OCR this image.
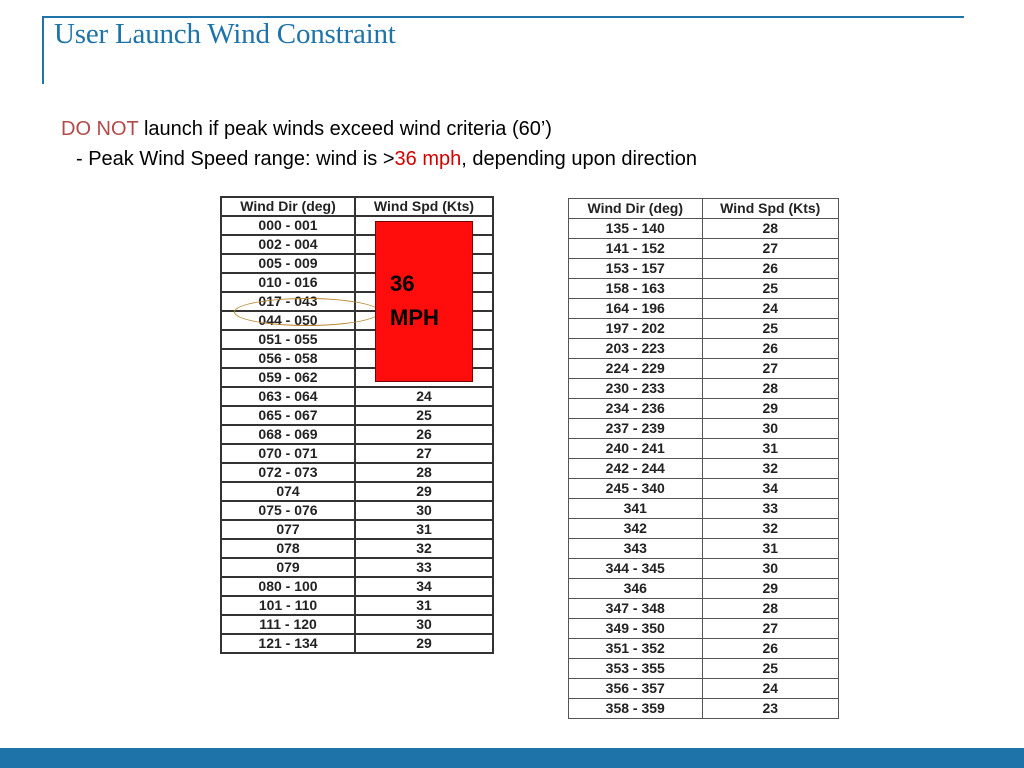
User Launch Wind Constraint
DO NOT launch if peak winds exceed wind criteria (60’)
- Peak Wind Speed range: wind is >36 mph, depending upon direction
Wind Dir (deg)	Wind Spd (Kts)
000 - 001	
002 - 004	
005 - 009	
010 - 016	
017 - 043	
044 - 050	
051 - 055	
056 - 058	
059 - 062	
063 - 064	24
065 - 067	25
068 - 069	26
070 - 071	27
072 - 073	28
074	29
075 - 076	30
077	31
078	32
079	33
080 - 100	34
101 - 110	31
111 - 120	30
121 - 134	29
Wind Dir (deg)	Wind Spd (Kts)
135 - 140	28
141 - 152	27
153 - 157	26
158 - 163	25
164 - 196	24
197 - 202	25
203 - 223	26
224 - 229	27
230 - 233	28
234 - 236	29
237 - 239	30
240 - 241	31
242 - 244	32
245 - 340	34
341	33
342	32
343	31
344 - 345	30
346	29
347 - 348	28
349 - 350	27
351 - 352	26
353 - 355	25
356 - 357	24
358 - 359	23
36
MPH
